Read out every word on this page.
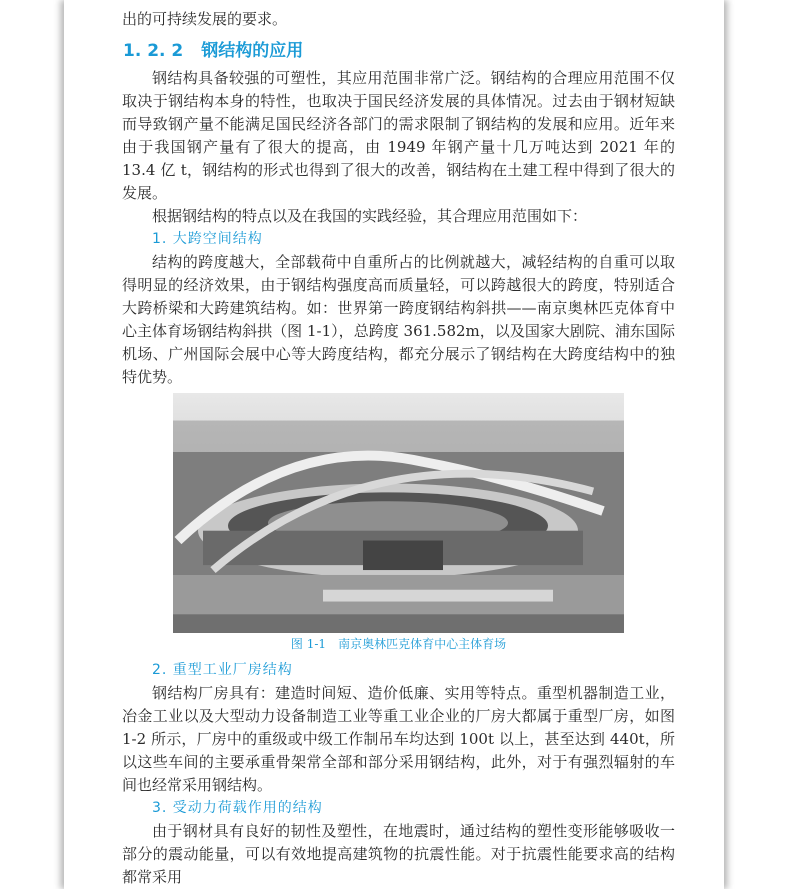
出的可持续发展的要求。
1. 2. 2 钢结构的应用

钢结构具备较强的可塑性，其应用范围非常广泛。钢结构的合理应用范围不仅取决于钢结构本身的特性，也取决于国民经济发展的具体情况。过去由于钢材短缺而导致钢产量不能满足国民经济各部门的需求限制了钢结构的发展和应用。近年来由于我国钢产量有了很大的提高，由 1949 年钢产量十几万吨达到 2021 年的 13.4 亿 t，钢结构的形式也得到了很大的改善，钢结构在土建工程中得到了很大的发展。

根据钢结构的特点以及在我国的实践经验，其合理应用范围如下：

1. 大跨空间结构

结构的跨度越大，全部载荷中自重所占的比例就越大，减轻结构的自重可以取得明显的经济效果，由于钢结构强度高而质量轻，可以跨越很大的跨度，特别适合大跨桥梁和大跨建筑结构。如：世界第一跨度钢结构斜拱——南京奥林匹克体育中心主体育场钢结构斜拱（图 1-1），总跨度 361.582m，以及国家大剧院、浦东国际机场、广州国际会展中心等大跨度结构，都充分展示了钢结构在大跨度结构中的独特优势。

图 1-1 南京奥林匹克体育中心主体育场

2. 重型工业厂房结构

钢结构厂房具有：建造时间短、造价低廉、实用等特点。重型机器制造工业，冶金工业以及大型动力设备制造工业等重工业企业的厂房大都属于重型厂房，如图 1-2 所示，厂房中的重级或中级工作制吊车均达到 100t 以上，甚至达到 440t，所以这些车间的主要承重骨架常全部和部分采用钢结构，此外，对于有强烈辐射的车间也经常采用钢结构。

3. 受动力荷载作用的结构

由于钢材具有良好的韧性及塑性，在地震时，通过结构的塑性变形能够吸收一部分的震动能量，可以有效地提高建筑物的抗震性能。对于抗震性能要求高的结构都常采用
